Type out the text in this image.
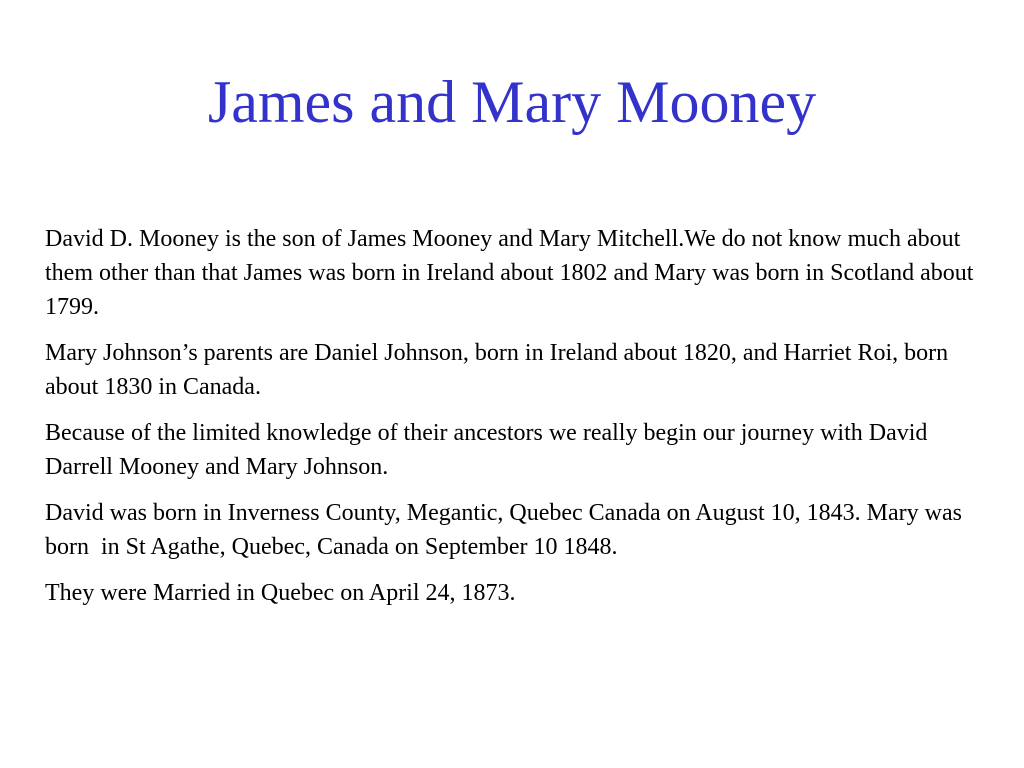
James and Mary Mooney

David D. Mooney is the son of James Mooney and Mary Mitchell.We do not know much about them other than that James was born in Ireland about 1802 and Mary was born in Scotland about 1799.

Mary Johnson’s parents are Daniel Johnson, born in Ireland about 1820, and Harriet Roi, born about 1830 in Canada.

Because of the limited knowledge of their ancestors we really begin our journey with David Darrell Mooney and Mary Johnson.

David was born in Inverness County, Megantic, Quebec Canada on August 10, 1843. Mary was born  in St Agathe, Quebec, Canada on September 10 1848.

They were Married in Quebec on April 24, 1873.
